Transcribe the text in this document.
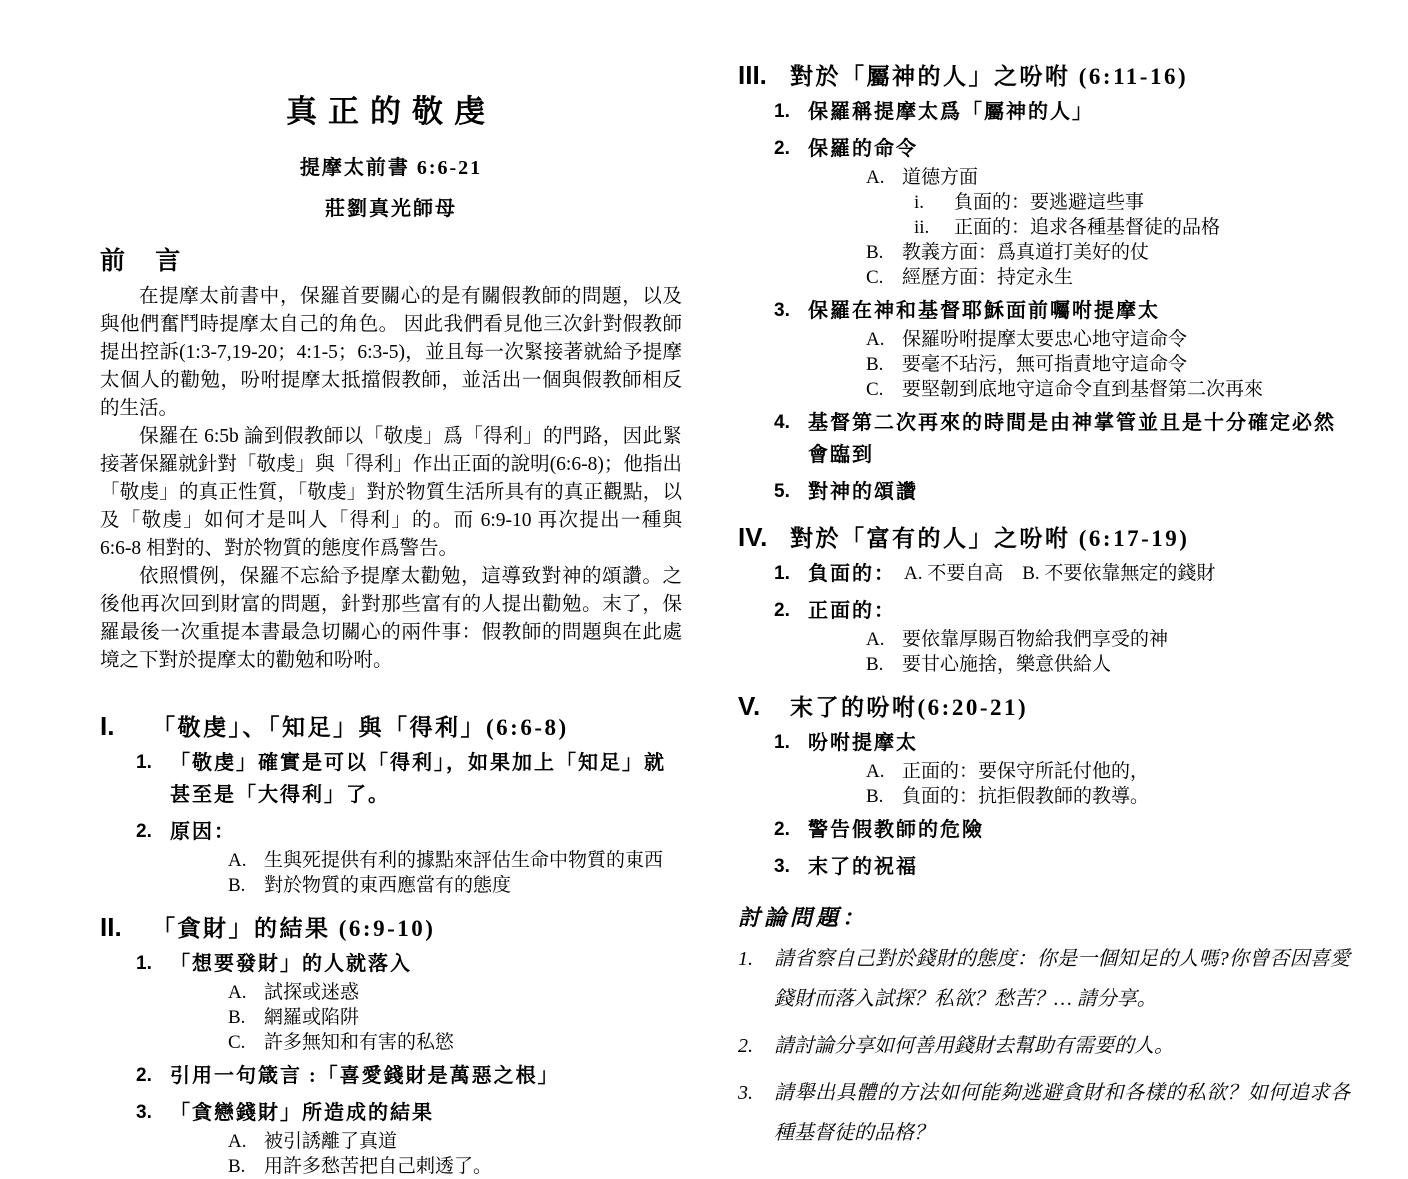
真正的敬虔
提摩太前書 6:6-21
莊劉真光師母
前 言

在提摩太前書中，保羅首要關心的是有關假教師的問題，以及與他們奮鬥時提摩太自己的角色。 因此我們看見他三次針對假教師提出控訴(1:3-7,19-20；4:1-5；6:3-5)，並且每一次緊接著就給予提摩太個人的勸勉，吩咐提摩太抵擋假教師，並活出一個與假教師相反的生活。

保羅在 6:5b 論到假教師以「敬虔」爲「得利」的門路，因此緊接著保羅就針對「敬虔」與「得利」作出正面的說明(6:6-8)；他指出「敬虔」的真正性質，「敬虔」對於物質生活所具有的真正觀點，以及「敬虔」如何才是叫人「得利」的。而 6:9-10 再次提出一種與 6:6-8 相對的、對於物質的態度作爲警告。

依照慣例，保羅不忘給予提摩太勸勉，這導致對神的頌讚。之後他再次回到財富的問題，針對那些富有的人提出勸勉。末了，保羅最後一次重提本書最急切關心的兩件事：假教師的問題與在此處境之下對於提摩太的勸勉和吩咐。

I.	「敬虔」、「知足」與「得利」(6:6-8)
1. 「敬虔」確實是可以「得利」，如果加上「知足」就甚至是「大得利」了。
2. 原因：
A. 生與死提供有利的據點來評估生命中物質的東西
B. 對於物質的東西應當有的態度
II.	「貪財」的結果 (6:9-10)
1. 「想要發財」的人就落入
A. 試探或迷惑
B. 網羅或陷阱
C. 許多無知和有害的私慾
2. 引用一句箴言 :「喜愛錢財是萬惡之根」
3. 「貪戀錢財」所造成的結果
A. 被引誘離了真道
B. 用許多愁苦把自己剌透了。
III.	對於「屬神的人」之吩咐 (6:11-16)
1. 保羅稱提摩太爲「屬神的人」
2. 保羅的命令
A. 道德方面
i.	負面的：要逃避這些事
ii.	正面的：追求各種基督徒的品格
B. 教義方面：爲真道打美好的仗
C. 經歷方面：持定永生
3. 保羅在神和基督耶穌面前囑咐提摩太
A. 保羅吩咐提摩太要忠心地守這命令
B. 要毫不玷污，無可指責地守這命令
C. 要堅韌到底地守這命令直到基督第二次再來
4. 基督第二次再來的時間是由神掌管並且是十分確定必然會臨到
5. 對神的頌讚
IV. 對於「富有的人」之吩咐 (6:17-19)
1. 負面的： A. 不要自高　B. 不要依靠無定的錢財
2. 正面的：
A. 要依靠厚賜百物給我們享受的神
B. 要甘心施捨，樂意供給人
V.	末了的吩咐(6:20-21)
1. 吩咐提摩太
A. 正面的：要保守所託付他的，
B. 負面的：抗拒假教師的教導。
2. 警告假教師的危險
3. 末了的祝福
討論問題：
1.	請省察自己對於錢財的態度：你是一個知足的人嗎?你曾否因喜愛錢財而落入試探？私欲？愁苦？… 請分享。
2.	請討論分享如何善用錢財去幫助有需要的人。
3.	請舉出具體的方法如何能夠逃避貪財和各樣的私欲？如何追求各種基督徒的品格？
